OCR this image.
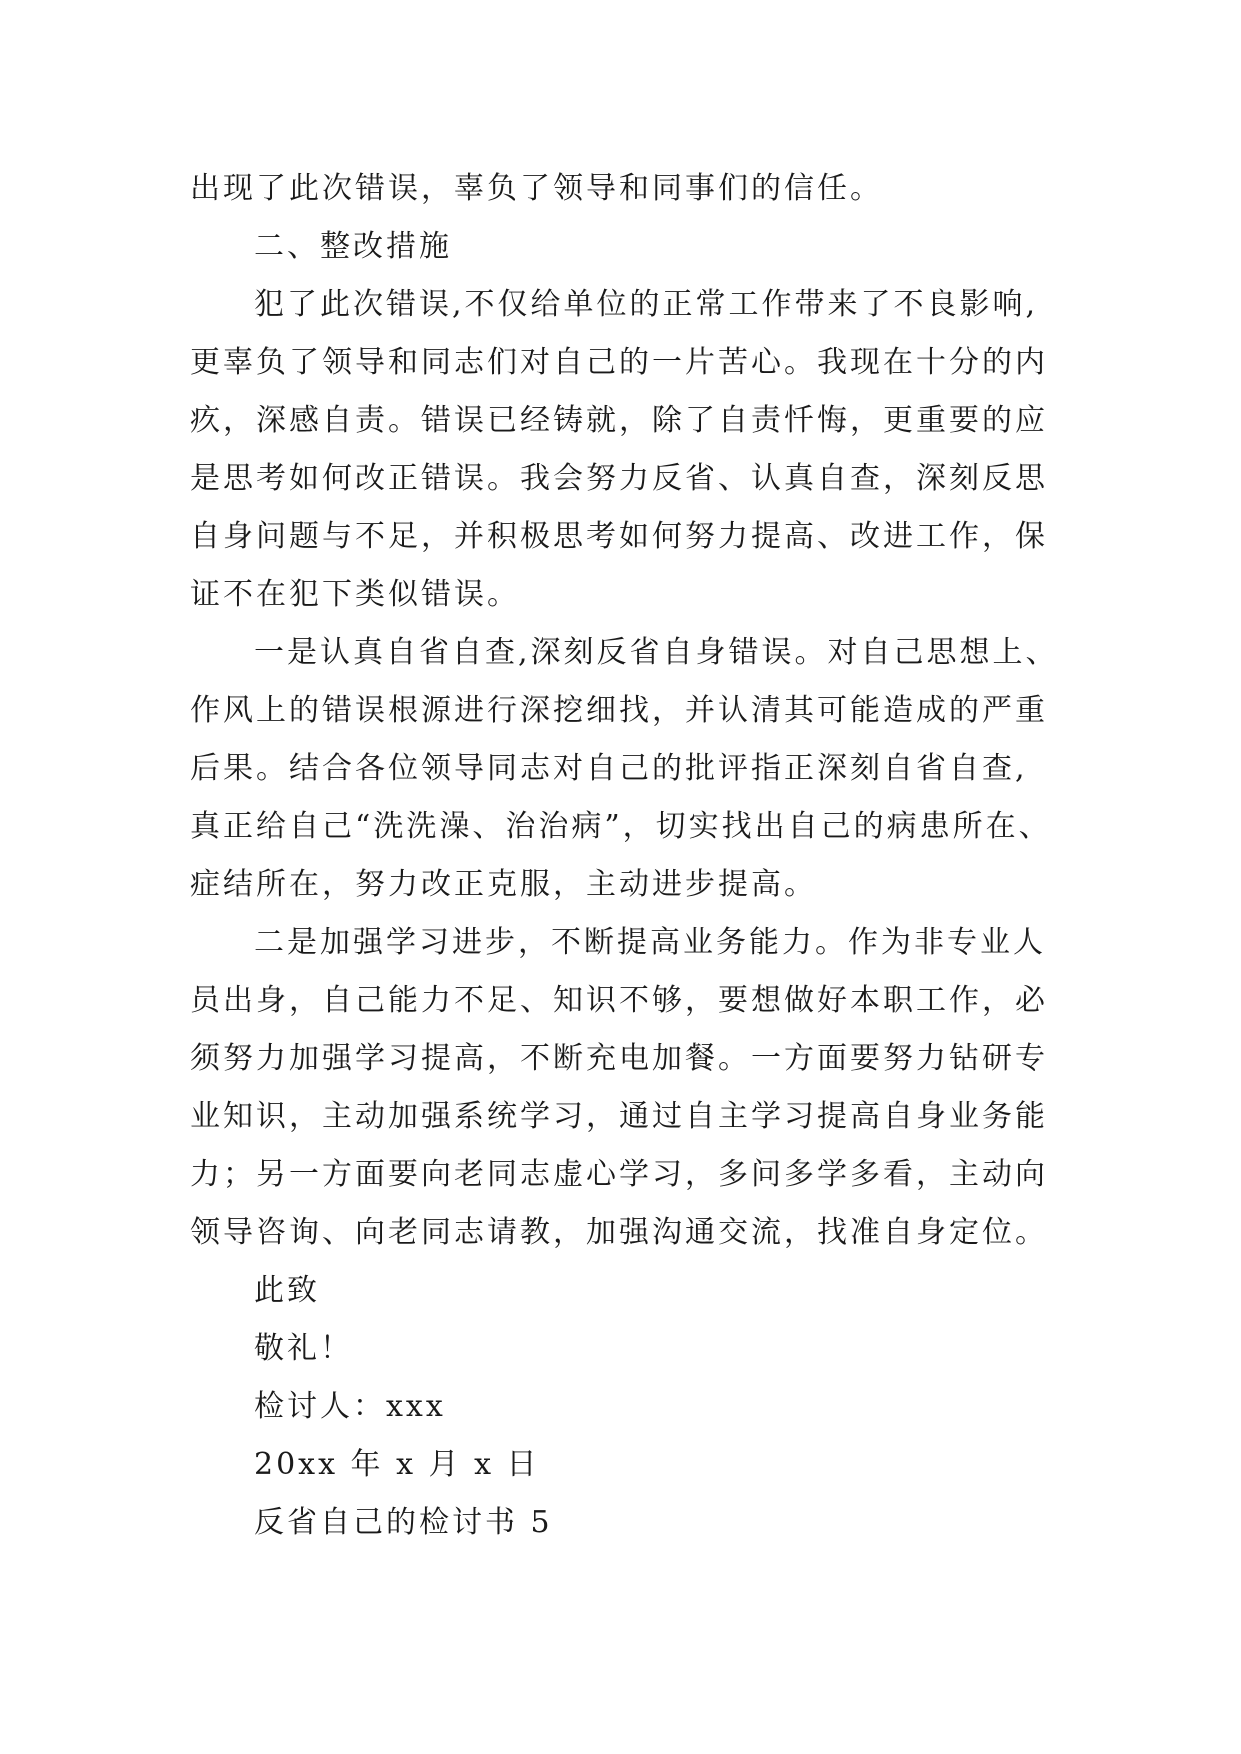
出现了此次错误，辜负了领导和同事们的信任。
二、整改措施
犯了此次错误,不仅给单位的正常工作带来了不良影响,
更辜负了领导和同志们对自己的一片苦心。我现在十分的内
疚，深感自责。错误已经铸就，除了自责忏悔，更重要的应
是思考如何改正错误。我会努力反省、认真自查，深刻反思
自身问题与不足，并积极思考如何努力提高、改进工作，保
证不在犯下类似错误。
一是认真自省自查,深刻反省自身错误。对自己思想上、
作风上的错误根源进行深挖细找，并认清其可能造成的严重
后果。结合各位领导同志对自己的批评指正深刻自省自查,
真正给自己“洗洗澡、治治病”，切实找出自己的病患所在、
症结所在，努力改正克服，主动进步提高。
二是加强学习进步，不断提高业务能力。作为非专业人
员出身，自己能力不足、知识不够，要想做好本职工作，必
须努力加强学习提高，不断充电加餐。一方面要努力钻研专
业知识，主动加强系统学习，通过自主学习提高自身业务能
力；另一方面要向老同志虚心学习，多问多学多看，主动向
领导咨询、向老同志请教，加强沟通交流，找准自身定位。
此致
敬礼！
检讨人：xxx
20xx 年 x 月 x 日
反省自己的检讨书 5
